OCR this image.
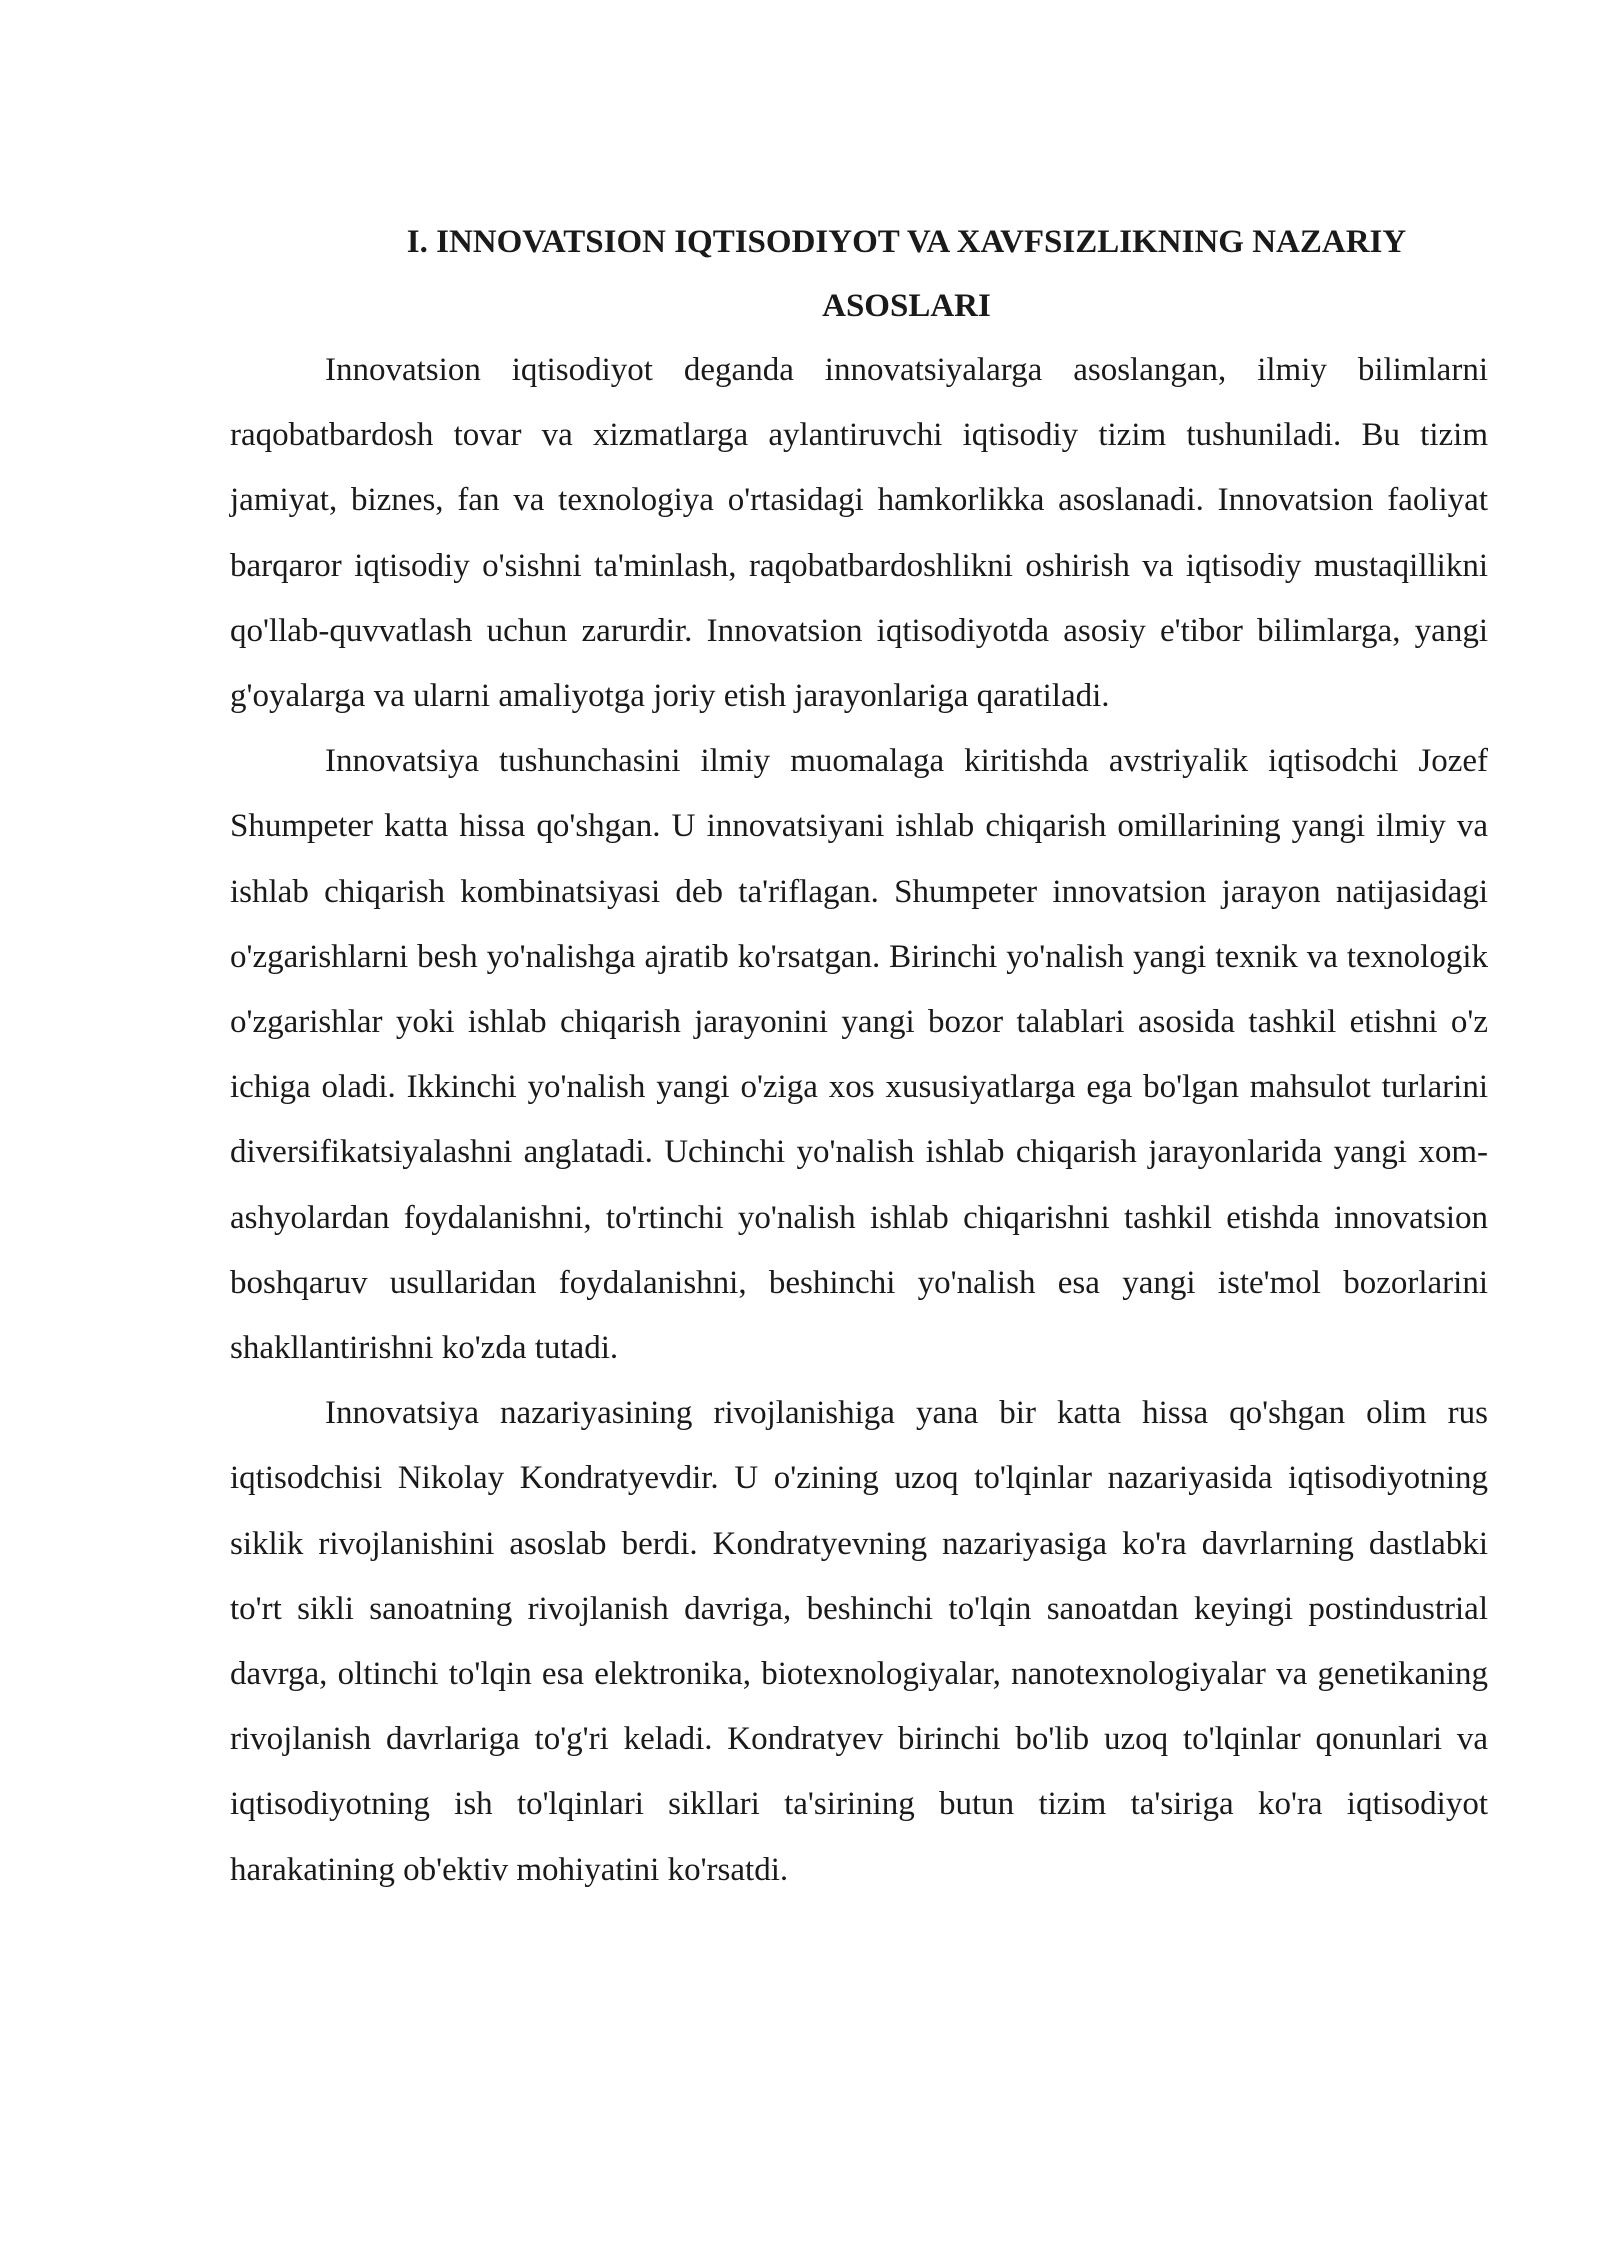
I. INNOVATSION IQTISODIYOT VA XAVFSIZLIKNING NAZARIY ASOSLARI

Innovatsion iqtisodiyot deganda innovatsiyalarga asoslangan, ilmiy bilimlarni raqobatbardosh tovar va xizmatlarga aylantiruvchi iqtisodiy tizim tushuniladi. Bu tizim jamiyat, biznes, fan va texnologiya o'rtasidagi hamkorlikka asoslanadi. Innovatsion faoliyat barqaror iqtisodiy o'sishni ta'minlash, raqobatbardoshlikni oshirish va iqtisodiy mustaqillikni qo'llab-quvvatlash uchun zarurdir. Innovatsion iqtisodiyotda asosiy e'tibor bilimlarga, yangi g'oyalarga va ularni amaliyotga joriy etish jarayonlariga qaratiladi.

Innovatsiya tushunchasini ilmiy muomalaga kiritishda avstriyalik iqtisodchi Jozef Shumpeter katta hissa qo'shgan. U innovatsiyani ishlab chiqarish omillarining yangi ilmiy va ishlab chiqarish kombinatsiyasi deb ta'riflagan. Shumpeter innovatsion jarayon natijasidagi o'zgarishlarni besh yo'nalishga ajratib ko'rsatgan. Birinchi yo'nalish yangi texnik va texnologik o'zgarishlar yoki ishlab chiqarish jarayonini yangi bozor talablari asosida tashkil etishni o'z ichiga oladi. Ikkinchi yo'nalish yangi o'ziga xos xususiyatlarga ega bo'lgan mahsulot turlarini diversifikatsiyalashni anglatadi. Uchinchi yo'nalish ishlab chiqarish jarayonlarida yangi xom-ashyolardan foydalanishni, to'rtinchi yo'nalish ishlab chiqarishni tashkil etishda innovatsion boshqaruv usullaridan foydalanishni, beshinchi yo'nalish esa yangi iste'mol bozorlarini shakllantirishni ko'zda tutadi.

Innovatsiya nazariyasining rivojlanishiga yana bir katta hissa qo'shgan olim rus iqtisodchisi Nikolay Kondratyevdir. U o'zining uzoq to'lqinlar nazariyasida iqtisodiyotning siklik rivojlanishini asoslab berdi. Kondratyevning nazariyasiga ko'ra davrlarning dastlabki to'rt sikli sanoatning rivojlanish davriga, beshinchi to'lqin sanoatdan keyingi postindustrial davrga, oltinchi to'lqin esa elektronika, biotexnologiyalar, nanotexnologiyalar va genetikaning rivojlanish davrlariga to'g'ri keladi. Kondratyev birinchi bo'lib uzoq to'lqinlar qonunlari va iqtisodiyotning ish to'lqinlari sikllari ta'sirining butun tizim ta'siriga ko'ra iqtisodiyot harakatining ob'ektiv mohiyatini ko'rsatdi.
